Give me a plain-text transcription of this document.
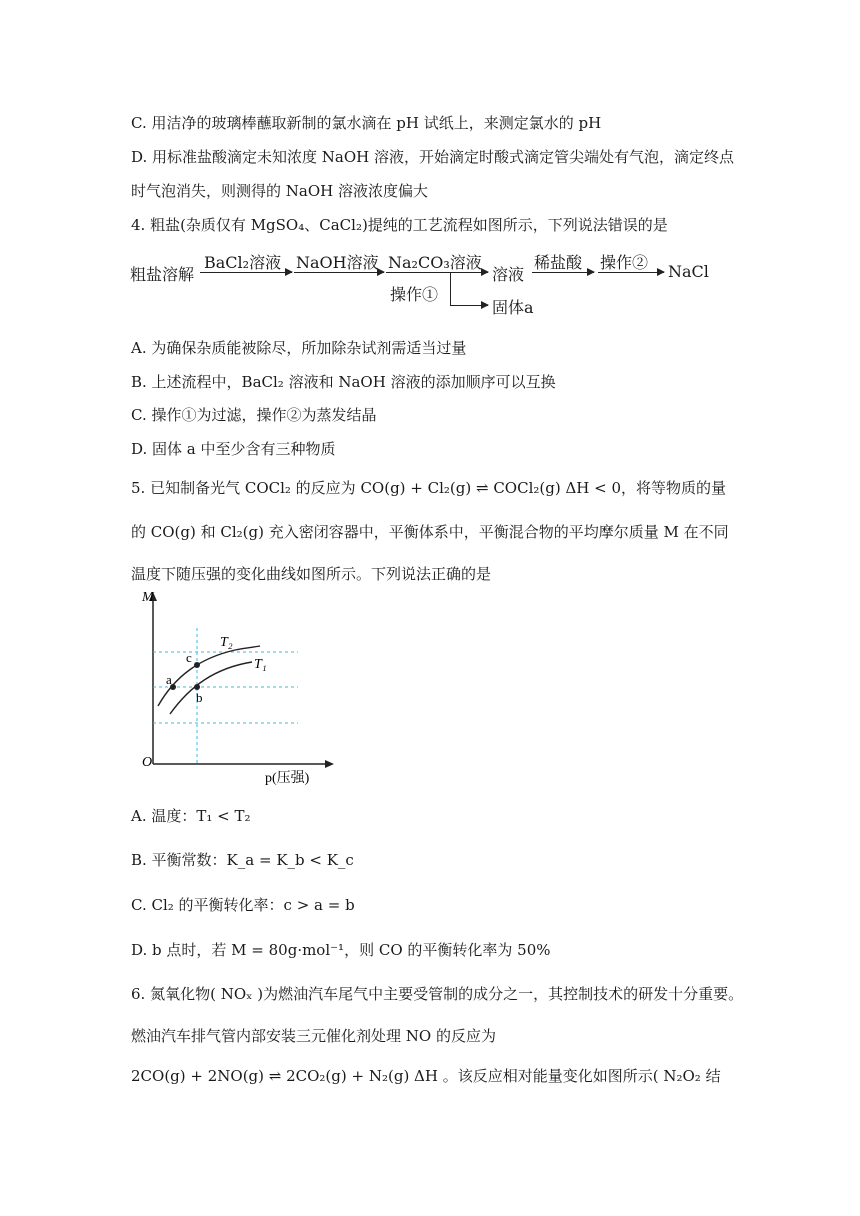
C. 用洁净的玻璃棒蘸取新制的氯水滴在 pH 试纸上，来测定氯水的 pH
D. 用标准盐酸滴定未知浓度 NaOH 溶液，开始滴定时酸式滴定管尖端处有气泡，滴定终点
时气泡消失，则测得的 NaOH 溶液浓度偏大
4. 粗盐(杂质仅有 MgSO₄、CaCl₂)提纯的工艺流程如图所示，下列说法错误的是
粗盐溶解
BaCl₂溶液 NaOH溶液 Na₂CO₃溶液
操作①
固体a
溶液
稀盐酸 操作② NaCl
A. 为确保杂质能被除尽，所加除杂试剂需适当过量
B. 上述流程中，BaCl₂ 溶液和 NaOH 溶液的添加顺序可以互换
C. 操作①为过滤，操作②为蒸发结晶
D. 固体 a 中至少含有三种物质
5. 已知制备光气 COCl₂ 的反应为 CO(g) + Cl₂(g) ⇌ COCl₂(g) ΔH < 0，将等物质的量
的 CO(g) 和 Cl₂(g) 充入密闭容器中，平衡体系中，平衡混合物的平均摩尔质量 M 在不同
温度下随压强的变化曲线如图所示。下列说法正确的是
M
O
p(压强)
a
c
b
T₂
T₁
A. 温度：T₁ < T₂
B. 平衡常数：K_a = K_b < K_c
C. Cl₂ 的平衡转化率：c > a = b
D. b 点时，若 M = 80g·mol⁻¹，则 CO 的平衡转化率为 50%
6. 氮氧化物( NOₓ )为燃油汽车尾气中主要受管制的成分之一，其控制技术的研发十分重要。
燃油汽车排气管内部安装三元催化剂处理 NO 的反应为
2CO(g) + 2NO(g) ⇌ 2CO₂(g) + N₂(g) ΔH 。该反应相对能量变化如图所示( N₂O₂ 结
